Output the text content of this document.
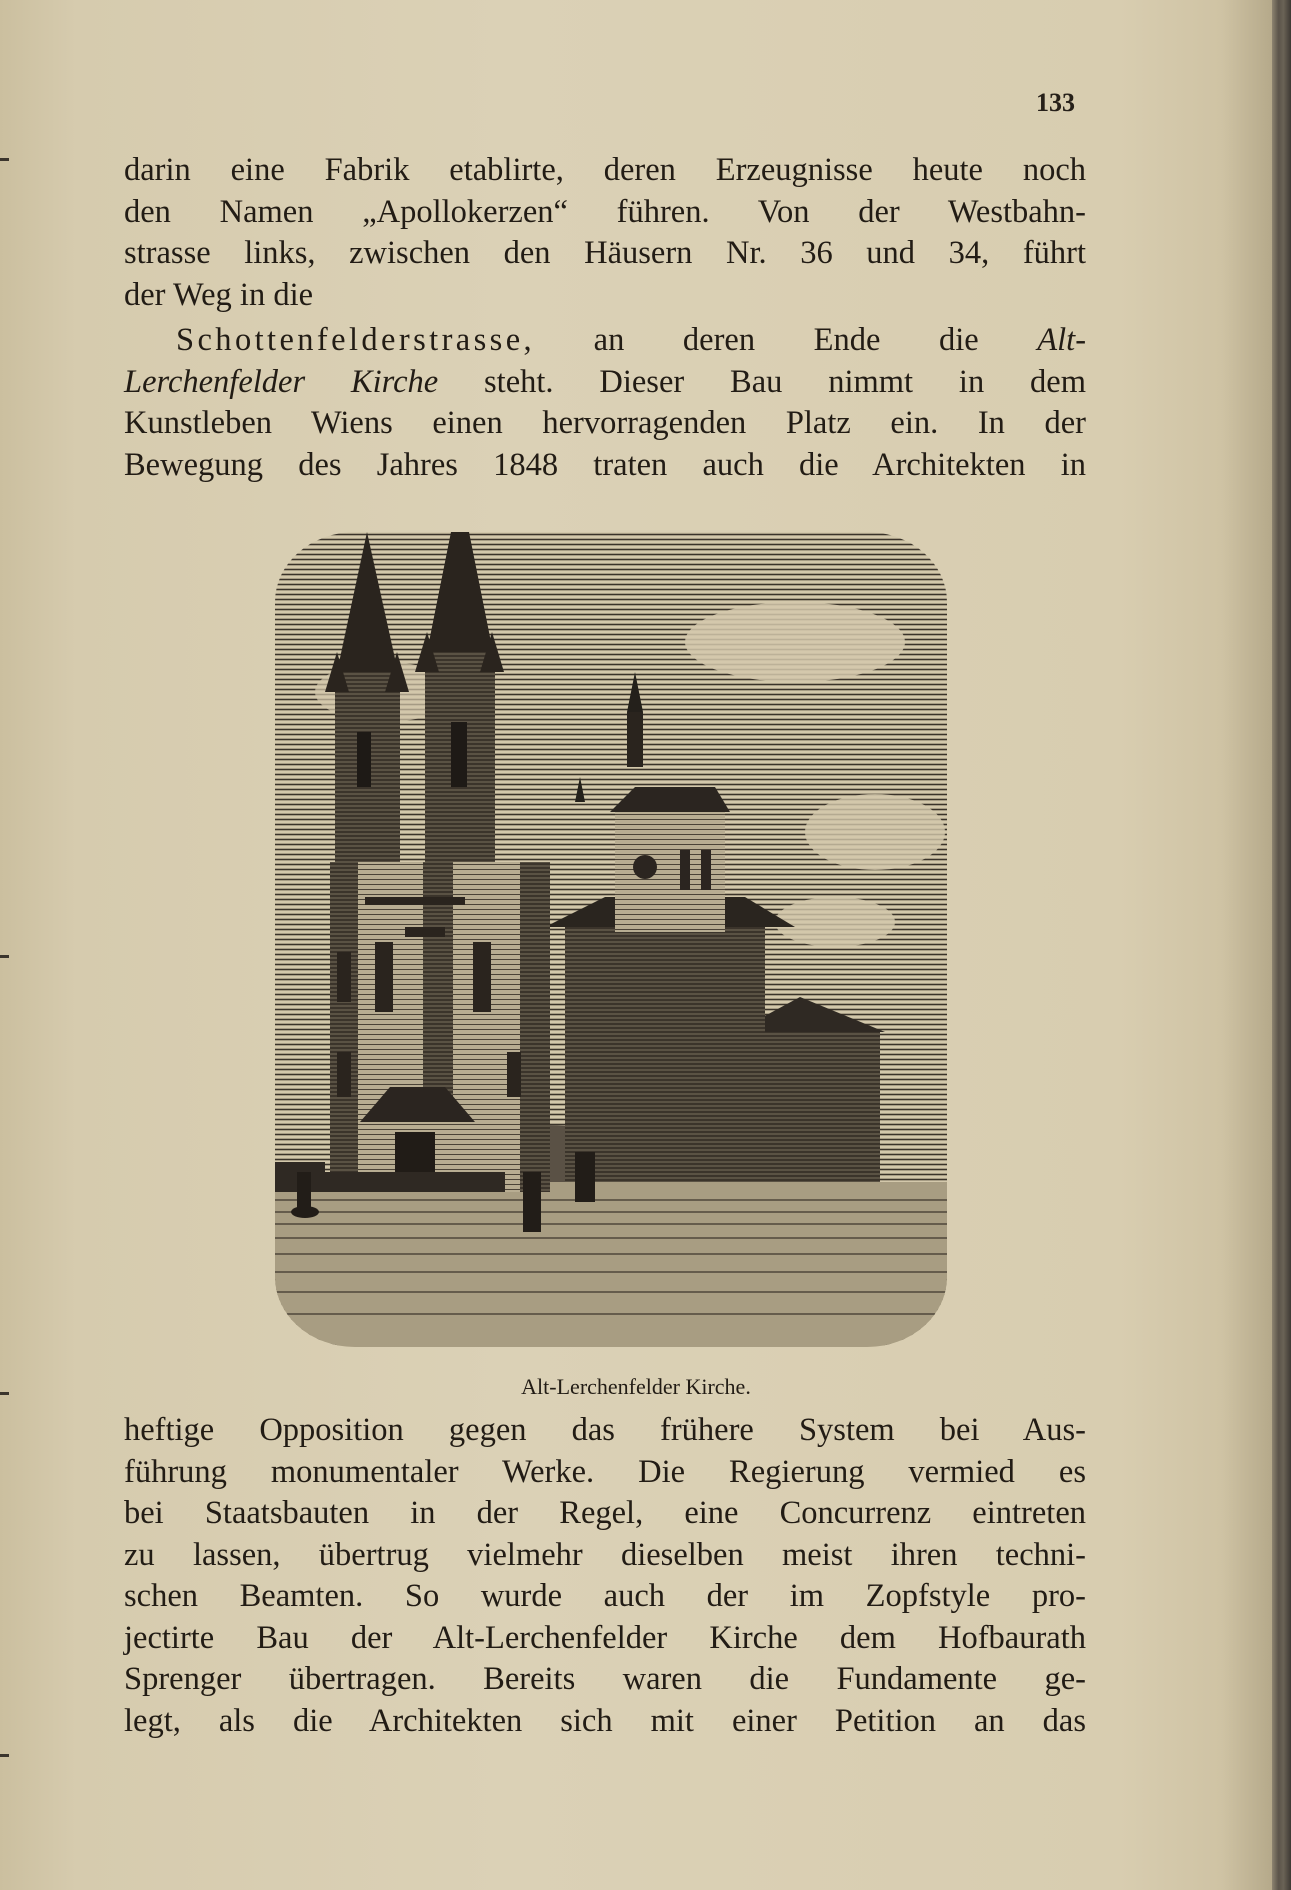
133
darin eine Fabrik etablirte, deren Erzeugnisse heute noch
den Namen „Apollokerzen“ führen. Von der Westbahn-
strasse links, zwischen den Häusern Nr. 36 und 34, führt
der Weg in die
Schottenfelderstrasse, an deren Ende die Alt-
Lerchenfelder Kirche steht. Dieser Bau nimmt in dem
Kunstleben Wiens einen hervorragenden Platz ein. In der
Bewegung des Jahres 1848 traten auch die Architekten in
Alt-Lerchenfelder Kirche.
heftige Opposition gegen das frühere System bei Aus-
führung monumentaler Werke. Die Regierung vermied es
bei Staatsbauten in der Regel, eine Concurrenz eintreten
zu lassen, übertrug vielmehr dieselben meist ihren techni-
schen Beamten. So wurde auch der im Zopfstyle pro-
jectirte Bau der Alt-Lerchenfelder Kirche dem Hofbaurath
Sprenger übertragen. Bereits waren die Fundamente ge-
legt, als die Architekten sich mit einer Petition an das
